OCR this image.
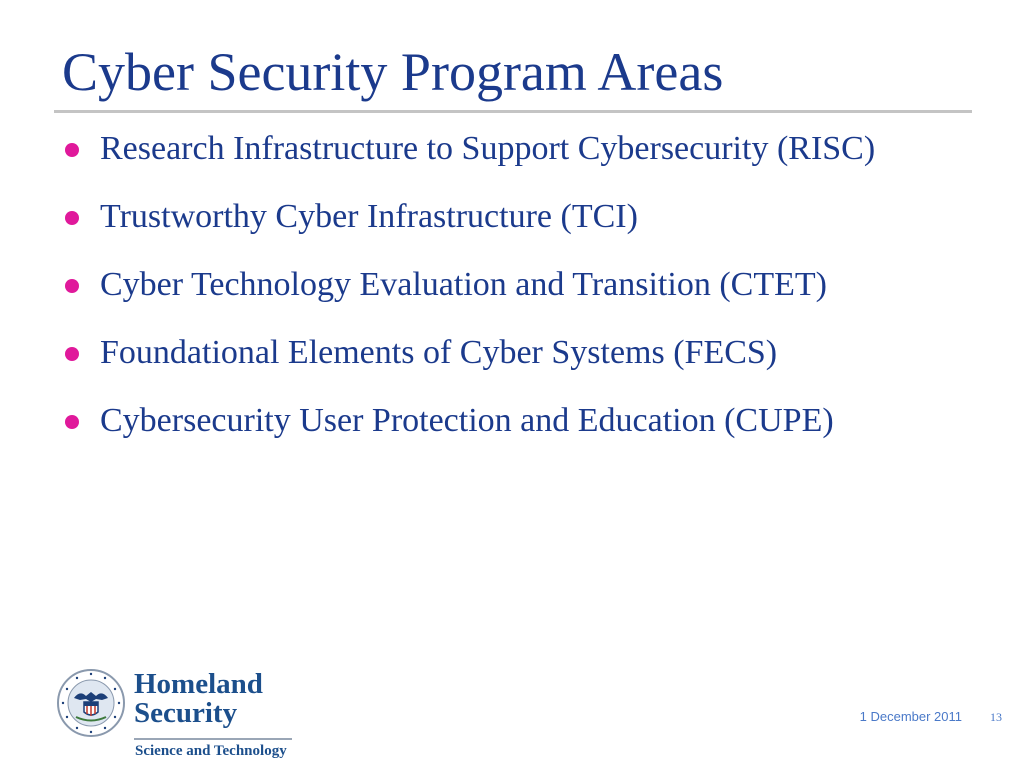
Cyber Security Program Areas
Research Infrastructure to Support Cybersecurity (RISC)
Trustworthy Cyber Infrastructure (TCI)
Cyber Technology Evaluation and Transition (CTET)
Foundational Elements of Cyber Systems (FECS)
Cybersecurity User Protection and Education (CUPE)
Homeland
Security
Science and Technology
1 December 2011 13
